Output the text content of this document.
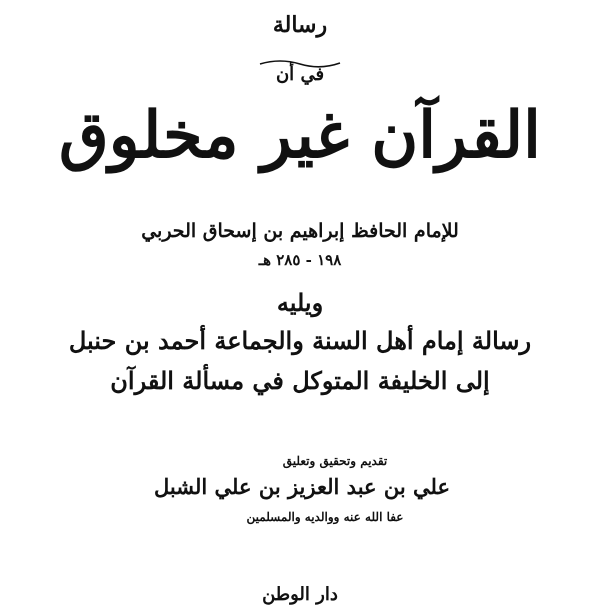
رسالة
في أن
القرآن غير مخلوق
للإمام الحافظ إبراهيم بن إسحاق الحربي
١٩٨ - ٢٨٥ هـ
ويليه
رسالة إمام أهل السنة والجماعة أحمد بن حنبل
إلى الخليفة المتوكل في مسألة القرآن
تقديم وتحقيق وتعليق
علي بن عبد العزيز بن علي الشبل
عفا الله عنه ووالديه والمسلمين
دار الوطن
